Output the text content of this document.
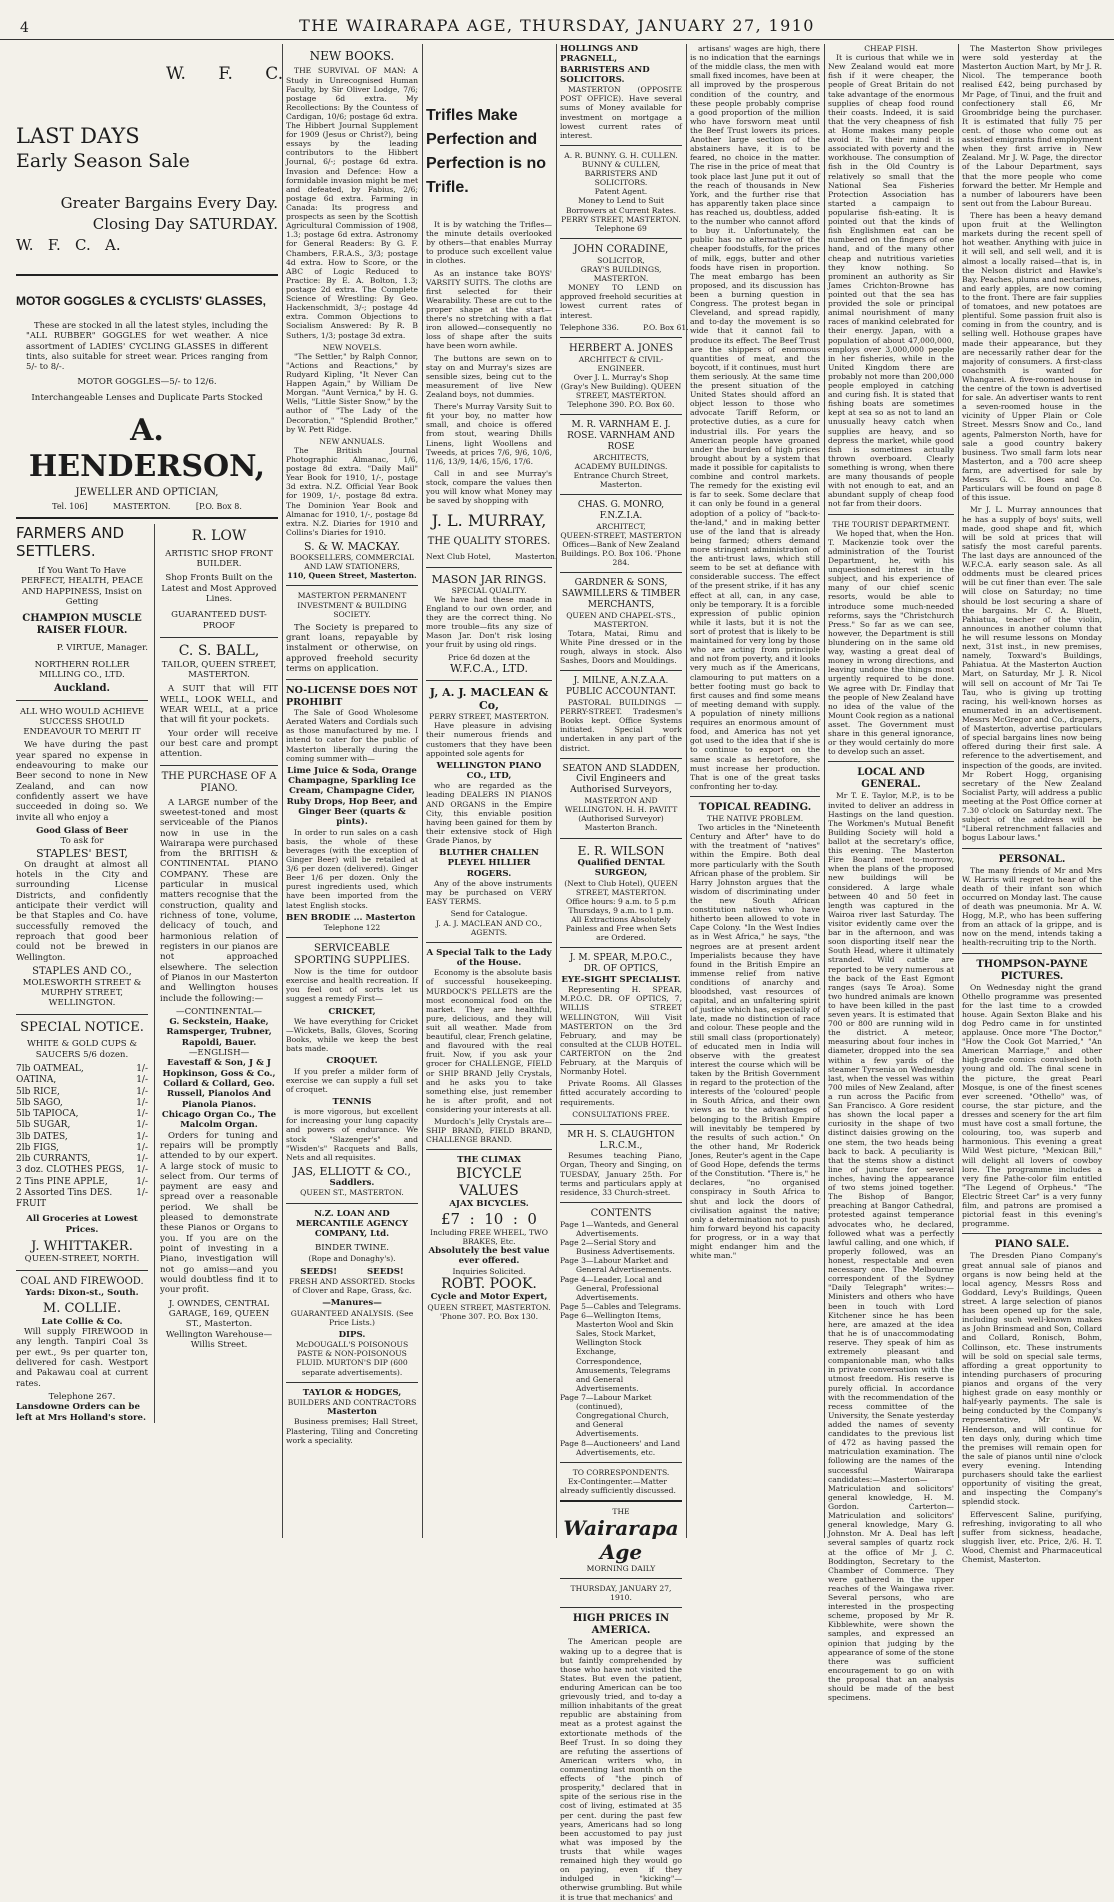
4	THE WAIRARAPA AGE, THURSDAY, JANUARY 27, 1910
W.      F.      C.
LAST DAYS
Early Season Sale
Greater Bargains Every Day.
Closing Day SATURDAY.
W.   F.   C.   A.
MOTOR GOGGLES & CYCLISTS' GLASSES,
These are stocked in all the latest styles, including the "ALL RUBBER" GOGGLES for wet weather. A nice assortment of LADIES' CYCLING GLASSES in different tints, also suitable for street wear. Prices ranging from 5/- to 8/-.
MOTOR GOGGLES—5/- to 12/6.
Interchangeable Lenses and Duplicate Parts Stocked
A. HENDERSON,
JEWELLER AND OPTICIAN,
Tel. 106]          MASTERTON.          [P.O. Box 8.
FARMERS AND SETTLERS.
If You Want To Have PERFECT, HEALTH, PEACE AND HAPPINESS, Insist on Getting
CHAMPION MUSCLE RAISER FLOUR.
P. VIRTUE, Manager.
NORTHERN ROLLER MILLING CO., LTD.
Auckland.
ALL WHO WOULD ACHIEVE SUCCESS SHOULD ENDEAVOUR TO MERIT IT
We have during the past year spared no expense in endeavouring to make our Beer second to none in New Zealand, and can now confidently assert we have succeeded in doing so. We invite all who enjoy a
Good Glass of Beer
To ask for
STAPLES' BEST,
On draught at almost all hotels in the City and surrounding License Districts, and confidently anticipate their verdict will be that Staples and Co. have successfully removed the reproach that good beer could not be brewed in Wellington.
STAPLES AND CO.,
MOLESWORTH STREET & MURPHY STREET,
WELLINGTON.
SPECIAL NOTICE.
WHITE & GOLD CUPS & SAUCERS 5/6 dozen.
7lb OATMEAL,	1/-
OATINA,	1/-
5lb RICE,	1/-
5lb SAGO,	1/-
5lb TAPIOCA,	1/-
5lb SUGAR,	1/-
3lb DATES,	1/-
2lb FIGS,	1/-
2lb CURRANTS,	1/-
3 doz. CLOTHES PEGS, 1/-
2 Tins PINE APPLE,	1/-
2 Assorted Tins DES. FRUIT
1/-
All Groceries at Lowest Prices.
J. WHITTAKER.
QUEEN-STREET, NORTH.
COAL AND FIREWOOD.
Yards: Dixon-st., South.
M. COLLIE.
Late Collie & Co.
Will supply FIREWOOD in any length. Tanpiri Coal 3s per ewt., 9s per quarter ton, delivered for cash. Westport and Pakawau coal at current rates.
Telephone 267.
Lansdowne Orders can be left at Mrs Holland's store.
R. LOW
ARTISTIC SHOP FRONT BUILDER.
Shop Fronts Built on the Latest and Most Approved Lines.
GUARANTEED DUST-PROOF
C. S. BALL,
TAILOR, QUEEN STREET, MASTERTON.
A SUIT that will FIT WELL, LOOK WELL, and WEAR WELL, at a price that will fit your pockets.
Your order will receive our best care and prompt attention.
THE PURCHASE OF A PIANO.
A LARGE number of the sweetest-toned and most serviceable of the Pianos now in use in the Wairarapa were purchased from the BRITISH & CONTINENTAL PIANO COMPANY. These are particular in musical matters recognise that the construction, quality and richness of tone, volume, delicacy of touch, and harmonious relation of registers in our pianos are not approached elsewhere. The selection of Pianos in our Masterton and Wellington houses include the following:—
—CONTINENTAL—
G. Seckstein, Haake, Ramsperger, Trubner, Rapoldi, Bauer.
—ENGLISH—
Eavestaff & Son, J & J Hopkinson, Goss & Co., Collard & Collard, Geo. Russell, Pianolos And Pianola Pianos.
Chicago Organ Co., The Malcolm Organ.
Orders for tuning and repairs will be promptly attended to by our expert. A large stock of music to select from. Our terms of payment are easy and spread over a reasonable period. We shall be pleased to demonstrate these Pianos or Organs to you. If you are on the point of investing in a Piano, investigation will not go amiss—and you would doubtless find it to your profit.
J. OWNDES, CENTRAL GARAGE, 169, QUEEN ST., Masterton.
Wellington Warehouse—Willis Street.
NEW BOOKS.
THE SURVIVAL OF MAN: A Study in Unrecognised Human Faculty, by Sir Oliver Lodge, 7/6; postage 6d extra. My Recollections: By the Countess of Cardigan, 10/6; postage 6d extra. The Hibbert Journal Supplement for 1909 (Jesus or Christ?), being essays by the leading contributors to the Hibbert Journal, 6/-; postage 6d extra. Invasion and Defence: How a formidable invasion might be met and defeated, by Fabius, 2/6; postage 6d extra. Farming in Canada: Its progress and prospects as seen by the Scottish Agricultural Commission of 1908, 1.3; postage 6d extra. Astronomy for General Readers: By G. F. Chambers, F.R.A.S., 3/3; postage 4d extra. How to Score, or the ABC of Logic Reduced to Practice: By E. A. Bolton, 1.3; postage 2d extra. The Complete Science of Wrestling: By Geo. Hackenschmidt, 3/-; postage 4d extra. Common Objections to Socialism Answered: By R. B Suthers, 1/3; postage 3d extra.
NEW NOVELS.
"The Settler," by Ralph Connor, "Actions and Reactions," by Rudyard Kipling, "It Never Can Happen Again," by William De Morgan. "Aunt Vernica," by H. G. Wells, "Little Sister Snow," by the author of "The Lady of the Decoration," "Splendid Brother," by W. Pett Ridge.
NEW ANNUALS.
The British Journal Photographic Almanac, 1/6, postage 8d extra. "Daily Mail" Year Book for 1910, 1/-, postage 3d extra. N.Z. Official Year Book for 1909, 1/-, postage 8d extra. The Dominion Year Book and Almanac for 1910, 1/-, postage 8d extra. N.Z. Diaries for 1910 and Collins's Diaries for 1910.
S. & W. MACKAY.
BOOKSELLERS, COMMERCIAL AND LAW STATIONERS,
110, Queen Street, Masterton.
MASTERTON PERMANENT INVESTMENT & BUILDING SOCIETY.
The Society is prepared to grant loans, repayable by instalment or otherwise, on approved freehold security terms on application.
NO-LICENSE DOES NOT PROHIBIT
The Sale of Good Wholesome Aerated Waters and Cordials such as those manufactured by me. I intend to cater for the public of Masterton liberally during the coming summer with—
Lime Juice & Soda, Orange Champagne, Sparkling Ice Cream, Champagne Cider, Ruby Drops, Hop Beer, and Ginger Beer (quarts & pints).
In order to run sales on a cash basis, the whole of these beverages (with the exception of Ginger Beer) will be retailed at 3/6 per dozen (delivered). Ginger Beer 1/6 per dozen. Only the purest ingredients used, which have been imported from the latest English stocks.
BEN BRODIE ... Masterton
Telephone 122
SERVICEABLE SPORTING SUPPLIES.
Now is the time for outdoor exercise and health recreation. If you feel out of sorts let us suggest a remedy First—
CRICKET,
We have everything for Cricket—Wickets, Balls, Gloves, Scoring Books, while we keep the best bats made.
CROQUET.
If you prefer a milder form of exercise we can supply a full set of croquet.
TENNIS
is more vigorous, but excellent for increasing your lung capacity and powers of endurance. We stock "Slazenger's" and "Wisden's" Racquets and Balls, Nets and all requisites.
JAS, ELLIOTT & CO.,
Saddlers.
QUEEN ST., MASTERTON.
N.Z. LOAN AND MERCANTILE AGENCY COMPANY, Ltd.
BINDER TWINE.
(Rope and Donaghy's).
SEEDS!          SEEDS!
FRESH AND ASSORTED. Stocks of Clover and Rape, Grass, &c.
—Manures—
GUARANTEED ANALYSIS. (See Price Lists.)
DIPS.
McDOUGALL'S POISONOUS PASTE & NON-POISONOUS FLUID. MURTON'S DIP (600 separate advertisements).
TAYLOR & HODGES,
BUILDERS AND CONTRACTORS
Masterton
Business premises; Hall Street, Plastering, Tiling and Concreting work a speciality.
Trifles Make Perfection and Perfection is no Trifle.
It is by watching the Trifles—the minute details overlooked by others—that enables Murray to produce such excellent value in clothes.
As an instance take BOYS' VARSITY SUITS. The cloths are first selected for their Wearability. These are cut to the proper shape at the start—there's no stretching with a flat iron allowed—consequently no loss of shape after the suits have been worn awhile.
The buttons are sewn on to stay on and Murray's sizes are sensible sizes, being cut to the measurement of live New Zealand boys, not dummies.
There's Murray Varsity Suit to fit your boy, no matter how small, and choice is offered from stout, wearing Dhills Linens, light Woollens and Tweeds, at prices 7/6, 9/6, 10/6, 11/6, 13/9, 14/6, 15/6, 17/6.
Call in and see Murray's stock, compare the values then you will know what Money may be saved by shopping with
J. L. MURRAY,
THE QUALITY STORES.
Next Club Hotel,          Masterton.
MASON JAR RINGS.
SPECIAL QUALITY.
We have had these made in England to our own order, and they are the correct thing. No more trouble—fits any size of Mason Jar. Don't risk losing your fruit by using old rings.
Price 6d dozen at the
W.F.C.A., LTD.
J, A. J. MACLEAN & Co,
PERRY STREET, MASTERTON.
Have pleasure in advising their numerous friends and customers that they have been appointed sole agents for
WELLINGTON PIANO CO., LTD,
who are regarded as the leading DEALERS IN PIANOS AND ORGANS in the Empire City, this enviable position having been gained for them by their extensive stock of High Grade Pianos, by
BLUTHER CHALLEN PLEYEL HILLIER ROGERS.
Any of the above instruments may be purchased on VERY EASY TERMS.
Send for Catalogue.
J. A. J. MACLEAN AND CO., AGENTS.
A Special Talk to the Lady of the House.
Economy is the absolute basis of successful housekeeping. MURDOCK'S PELLETS are the most economical food on the market. They are healthful, pure, delicious, and they will suit all weather. Made from beautiful, clear, French gelatine, and flavoured with the real fruit. Now, if you ask your grocer for CHALLENGE, FIELD or SHIP BRAND Jelly Crystals, and he asks you to take something else, just remember he is after profit, and not considering your interests at all.
Murdoch's Jelly Crystals are—SHIP BRAND, FIELD BRAND, CHALLENGE BRAND.
THE CLIMAX
BICYCLE VALUES
AJAX BICYCLES.
£7  :  10  :  0
Including FREE WHEEL, TWO BRAKES, Etc.
Absolutely the best value ever offered.
Inquiries Solicited.
ROBT. POOK.
Cycle and Motor Expert,
QUEEN STREET, MASTERTON. 'Phone 307. P.O. Box 130.
HOLLINGS AND PRAGNELL, BARRISTERS AND SOLICITORS.
MASTERTON (OPPOSITE POST OFFICE). Have several sums of Money available for investment on mortgage a lowest current rates of interest.
A. R. BUNNY. G. H. CULLEN. BUNNY & CULLEN, BARRISTERS AND SOLICITORS.
Patent Agent.
Money to Lend to Suit Borrowers at Current Rates.
PERRY STREET, MASTERTON. Telephone 69
JOHN CORADINE,
SOLICITOR,
GRAY'S BUILDINGS, MASTERTON.
MONEY TO LEND on approved freehold securities at lowest current rates of interest.
Telephone 336.          P.O. Box 61.
HERBERT A. JONES
ARCHITECT & CIVIL-ENGINEER.
Over J. L. Murray's Shop (Gray's New Building). QUEEN STREET, MASTERTON. Telephone 390. P.O. Box 60.
M. R. VARNHAM E. J. ROSE. VARNHAM AND ROSE
ARCHITECTS,
ACADEMY BUILDINGS. Entrance Church Street, Masterton.
CHAS. G. MONRO, F.N.Z.I.A.
ARCHITECT,
QUEEN-STREET, MASTERTON
Offices—Bank of New Zealand Buildings. P.O. Box 106. 'Phone 284.
GARDNER & SONS, SAWMILLERS & TIMBER MERCHANTS,
QUEEN AND CHAPEL-STS., MASTERTON.
Totara, Matai, Rimu and White Pine dressed or in the rough, always in stock. Also Sashes, Doors and Mouldings.
J. MILNE, A.N.Z.A.A. PUBLIC ACCOUNTANT.
PASTORAL BUILDINGS — PERRY-STREET. Tradesmen's Books kept. Office Systems initiated. Special work undertaken in any part of the district.
SEATON AND SLADDEN, Civil Engineers and Authorised Surveyors,
MASTERTON AND WELLINGTON. H. H. PAVITT (Authorised Surveyor) Masterton Branch.
E. R. WILSON
Qualified DENTAL SURGEON,
(Next to Club Hotel), QUEEN STREET, MASTERTON.
Office hours: 9 a.m. to 5 p.m Thursdays, 9 a.m. to 1 p.m.
All Extractions Absolutely Painless and Free when Sets are Ordered.
J. M. SPEAR, M.P.O.C., DR. OF OPTICS,
EYE-SIGHT SPECIALIST.
Representing H. SPEAR, M.P.O.C. DR. OF OPTICS, 7, WILLIS STREET WELLINGTON, Will Visit MASTERTON on the 3rd February, and may be consulted at the CLUB HOTEL. CARTERTON on the 2nd February, at the Marquis of Normanby Hotel.
Private Rooms. All Glasses fitted accurately according to requirements.
CONSULTATIONS FREE.
MR H. S. CLAUGHTON L.R.C.M.,
Resumes teaching Piano, Organ, Theory and Singing, on TUESDAY, January 25th. For terms and particulars apply at residence, 33 Church-street.
CONTENTS
Page 1—Wanteds, and General Advertisements.
Page 2—Serial Story and Business Advertisements.
Page 3—Labour Market and General Advertisements.
Page 4—Leader, Local and General, Professional Advertisements.
Page 5—Cables and Telegrams.
Page 6—Wellington Items, Masterton Wool and Skin Sales, Stock Market, Wellington Stock Exchange, Correspondence, Amusements, Telegrams and General Advertisements.
Page 7—Labour Market (continued), Congregational Church, and General Advertisements.
Page 8—Auctioneers' and Land Advertisements, etc.
TO CORRESPONDENTS.
Ex-Contingenter.—Matter already sufficiently discussed.
THE
Wairarapa Age
MORNING DAILY
THURSDAY, JANUARY 27, 1910.
HIGH PRICES IN AMERICA.
The American people are waking up to a degree that is but faintly comprehended by those who have not visited the States. But even the patient, enduring American can be too grievously tried, and to-day a million inhabitants of the great republic are abstaining from meat as a protest against the extortionate methods of the Beef Trust. In so doing they are refuting the assertions of American writers who, in commenting last month on the effects of "the pinch of prosperity," declared that in spite of the serious rise in the cost of living, estimated at 35 per cent. during the past few years, Americans had so long been accustomed to pay just what was imposed by the trusts that while wages remained high they would go on paying, even if they indulged in "kicking"—otherwise grumbling. But while it is true that mechanics' and
artisans' wages are high, there is no indication that the earnings of the middle class, the men with small fixed incomes, have been at all improved by the prosperous condition of the country, and these people probably comprise a good proportion of the million who have forsworn meat until the Beef Trust lowers its prices. Another large section of the abstainers have, it is to be feared, no choice in the matter. The rise in the price of meat that took place last June put it out of the reach of thousands in New York, and the further rise that has apparently taken place since has reached us, doubtless, added to the number who cannot afford to buy it. Unfortunately, the public has no alternative of the cheaper foodstuffs, for the prices of milk, eggs, butter and other foods have risen in proportion. The meat embargo has been proposed, and its discussion has been a burning question in Congress. The protest began in Cleveland, and spread rapidly, and to-day the movement is so wide that it cannot fail to produce its effect. The Beef Trust are the shippers of enormous quantities of meat, and the boycott, if it continues, must hurt them seriously. At the same time the present situation of the United States should afford an object lesson to those who advocate Tariff Reform, or protective duties, as a cure for industrial ills. For years the American people have groaned under the burden of high prices brought about by a system that made it possible for capitalists to combine and control markets. The remedy for the existing evil is far to seek. Some declare that it can only be found in a general adoption of a policy of "back-to-the-land," and in making better use of the land that is already being farmed; others demand more stringent administration of the anti-trust laws, which still seem to be set at defiance with considerable success. The effect of the present strike, if it has any effect at all, can, in any case, only be temporary. It is a forcible expression of public opinion while it lasts, but it is not the sort of protest that is likely to be maintained for very long by those who are acting from principle and not from poverty, and it looks very much as if the Americans, clamouring to put matters on a better footing must go back to first causes and find some means of meeting demand with supply. A population of ninety millions requires an enormous amount of food, and America has not yet got used to the idea that if she is to continue to export on the same scale as heretofore, she must increase her production. That is one of the great tasks confronting her to-day.
TOPICAL READING.
THE NATIVE PROBLEM.
Two articles in the "Nineteenth Century and After" have to do with the treatment of "natives" within the Empire. Both deal more particularly with the South African phase of the problem. Sir Harry Johnston argues that the wisdom of discriminating under the new South African constitution natives who have hitherto been allowed to vote in Cape Colony. "In the West Indies as in West Africa," he says, "the negroes are at present ardent Imperialists because they have found in the British Empire an immense relief from native conditions of anarchy and bloodshed, vast resources of capital, and an unfaltering spirit of justice which has, especially of late, made no distinction of race and colour. These people and the still small class (proportionately) of educated men in India will observe with the greatest interest the course which will be taken by the British Government in regard to the protection of the interests of the 'coloured' people in South Africa, and their own views as to the advantages of belonging to the British Empire will inevitably be tempered by the results of such action." On the other hand, Mr Roderick Jones, Reuter's agent in the Cape of Good Hope, defends the terms of the Constitution. "There is," he declares, "no organised conspiracy in South Africa to shut and lock the doors of civilisation against the native; only a determination not to push him forward beyond his capacity for progress, or in a way that might endanger him and the white man."
CHEAP FISH.
It is curious that while we in New Zealand would eat more fish if it were cheaper, the people of Great Britain do not take advantage of the enormous supplies of cheap food round their coasts. Indeed, it is said that the very cheapness of fish at Home makes many people avoid it. To their mind it is associated with poverty and the workhouse. The consumption of fish in the Old Country is relatively so small that the National Sea Fisheries Protection Association has started a campaign to popularise fish-eating. It is pointed out that the kinds of fish Englishmen eat can be numbered on the fingers of one hand, and of the many other cheap and nutritious varieties they know nothing. So prominent an authority as Sir James Crichton-Browne has pointed out that the sea has provided the sole or principal animal nourishment of many races of mankind celebrated for their energy. Japan, with a population of about 47,000,000, employs over 3,000,000 people in her fisheries, while in the United Kingdom there are probably not more than 200,000 people employed in catching and curing fish. It is stated that fishing boats are sometimes kept at sea so as not to land an unusually heavy catch when supplies are heavy, and so depress the market, while good fish is sometimes actually thrown overboard. Clearly something is wrong, when there are many thousands of people with not enough to eat, and an abundant supply of cheap food not far from their doors.
THE TOURIST DEPARTMENT.
We hoped that, when the Hon. T. Mackenzie took over the administration of the Tourist Department, he, with his unquestioned interest in the subject, and his experience of many of our chief scenic resorts, would be able to introduce some much-needed reforms, says the "Christchurch Press." So far as we can see, however, the Department is still blundering on in the same old way, wasting a great deal of money in wrong directions, and leaving undone the things most urgently required to be done. We agree with Dr. Findlay that the people of New Zealand have no idea of the value of the Mount Cook region as a national asset. The Government must share in this general ignorance, or they would certainly do more to develop such an asset.
LOCAL AND GENERAL.
Mr T. E. Taylor, M.P., is to be invited to deliver an address in Hastings on the land question. The Workmen's Mutual Benefit Building Society will hold a ballot at the secretary's office, this evening. The Masterton Fire Board meet to-morrow, when the plans of the proposed new buildings will be considered. A large whale between 40 and 50 feet in length was captured in the Wairoa river last Saturday. The visitor evidently came over the bar in the afternoon, and was soon disporting itself near the South Head, where it ultimately stranded. Wild cattle are reported to be very numerous at the back of the East Egmont ranges (says Te Aroa). Some two hundred animals are known to have been killed in the past seven years. It is estimated that 700 or 800 are running wild in the district. A meteor, measuring about four inches in diameter, dropped into the sea within a few yards of the steamer Tyrsenia on Wednesday last, when the vessel was within 700 miles of New Zealand, after a run across the Pacific from San Francisco. A Gore resident has shown the local paper a curiosity in the shape of two distinct daisies growing on the one stem, the two heads being back to back. A peculiarity is that the stems show a distinct line of juncture for several inches, having the appearance of two stems joined together. The Bishop of Bangor, preaching at Bangor Cathedral, protested against temperance advocates who, he declared, followed what was a perfectly lawful calling, and one which, if properly followed, was an honest, respectable and even necessary one. The Melbourne correspondent of the Sydney "Daily Telegraph" writes:—Ministers and others who have been in touch with Lord Kitchener since he has been here, are amazed at the idea that he is of unaccommodating reserve. They speak of him as extremely pleasant and companionable man, who talks in private conversation with the utmost freedom. His reserve is purely official. In accordance with the recommendation of the recess committee of the University, the Senate yesterday added the names of seventy candidates to the previous list of 472 as having passed the matriculation examination. The following are the names of the successful Wairarapa candidates:—Masterton—Matriculation and solicitors' general knowledge, H. M. Gordon. Carterton—Matriculation and solicitors' general knowledge, Mary G. Johnston. Mr A. Deal has left several samples of quartz rock at the office of Mr J. C. Boddington, Secretary to the Chamber of Commerce. They were gathered in the upper reaches of the Waingawa river. Several persons, who are interested in the prospecting scheme, proposed by Mr R. Kibblewhite, were shown the samples, and expressed an opinion that judging by the appearance of some of the stone there was sufficient encouragement to go on with the proposal that an analysis should be made of the best specimens.
The Masterton Show privileges were sold yesterday at the Masterton Auction Mart, by Mr J. R. Nicol. The temperance booth realised £42, being purchased by Mr Page, of Tinui, and the fruit and confectionery stall £6, Mr Groombridge being the purchaser. It is estimated that fully 75 per cent. of those who come out as assisted emigrants find employment when they first arrive in New Zealand. Mr J. W. Page, the director of the Labour Department, says that the more people who come forward the better. Mr Hemple and a number of labourers have been sent out from the Labour Bureau.
There has been a heavy demand upon fruit at the Wellington markets during the recent spell of hot weather. Anything with juice in it will sell, and sell well, and it is almost a locally raised—that is, in the Nelson district and Hawke's Bay. Peaches, plums and nectarines, and early apples, are now coming to the front. There are fair supplies of tomatoes, and new potatoes are plentiful. Some passion fruit also is coming in from the country, and is selling well. Hothouse grapes have made their appearance, but they are necessarily rather dear for the majority of consumers. A first-class coachsmith is wanted for Whangarei. A five-roomed house in the centre of the town is advertised for sale. An advertiser wants to rent a seven-roomed house in the vicinity of Upper Plain or Cole Street. Messrs Snow and Co., land agents, Palmerston North, have for sale a good country bakery business. Two small farm lots near Masterton, and a 700 acre sheep farm, are advertised for sale by Messrs G. C. Boes and Co. Particulars will be found on page 8 of this issue.
Mr J. L. Murray announces that he has a supply of boys' suits, well made, good shape and fit, which will be sold at prices that will satisfy the most careful parents. The last days are announced of the W.F.C.A. early season sale. As all oddments must be cleared prices will be cut finer than ever. The sale will close on Saturday; no time should be lost securing a share of the bargains. Mr C. A. Bluett, Pahiatua, teacher of the violin, announces in another column that he will resume lessons on Monday next, 31st inst., in new premises, namely, Toxward's Buildings, Pahiatua. At the Masterton Auction Mart, on Saturday, Mr J. R. Nicol will sell on account of Mr Tai Te Tau, who is giving up trotting racing, his well-known horses as enumerated in an advertisement. Messrs McGregor and Co., drapers, of Masterton, advertise particulars of special bargains lines now being offered during their first sale. A reference to the advertisement, and inspection of the goods, are invited. Mr Robert Hogg, organising secretary of the New Zealand Socialist Party, will address a public meeting at the Post Office corner at 7.30 o'clock on Saturday next. The subject of the address will be "Liberal retrenchment fallacies and bogus Labour laws."
PERSONAL.
The many friends of Mr and Mrs W. Harris will regret to hear of the death of their infant son which occurred on Monday last. The cause of death was pneumonia. Mr A. W. Hogg, M.P., who has been suffering from an attack of la grippe, and is now on the mend, intends taking a health-recruiting trip to the North.
THOMPSON-PAYNE PICTURES.
On Wednesday night the grand Othello programme was presented for the last time to a crowded house. Again Sexton Blake and his dog Pedro came in for unstinted applause. Once more "The Doctor," "How the Cook Got Married," "An American Marriage," and other high-grade comics convulsed both young and old. The final scene in the picture, the great Pearl Mosque, is one of the finest scenes ever screened. "Othello" was, of course, the star picture, and the dresses and scenery for the art film must have cost a small fortune, the colouring, too, was superb and harmonious. This evening a great Wild West picture, "Mexican Bill," will delight all lovers of cowboy lore. The programme includes a very fine Pathe-color film entitled "The Legend of Orpheus." "The Electric Street Car" is a very funny film, and patrons are promised a pictorial feast in this evening's programme.
PIANO SALE.
The Dresden Piano Company's great annual sale of pianos and organs is now being held at the local agency, Messrs Ross and Goddard, Levy's Buildings, Queen street. A large selection of pianos has been opened up for the sale, including such well-known makes as John Brinsmead and Son, Collard and Collard, Ronisch, Bohm, Collinson, etc. These instruments will be sold on special sale terms, affording a great opportunity to intending purchasers of procuring pianos and organs of the very highest grade on easy monthly or half-yearly payments. The sale is being conducted by the Company's representative, Mr G. W. Henderson, and will continue for ten days only, during which time the premises will remain open for the sale of pianos until nine o'clock every evening. Intending purchasers should take the earliest opportunity of visiting the great, and inspecting the Company's splendid stock.
Effervescent Saline, purifying, refreshing, invigorating to all who suffer from sickness, headache, sluggish liver, etc. Price, 2/6. H. T. Wood, Chemist and Pharmaceutical Chemist, Masterton.
